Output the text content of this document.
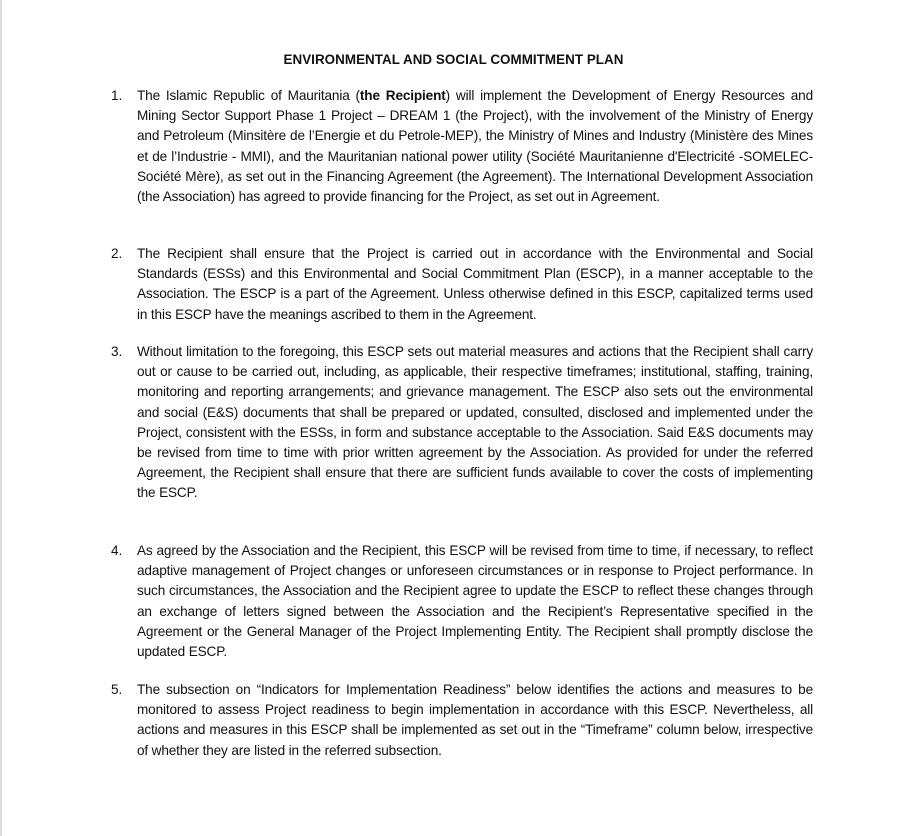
ENVIRONMENTAL AND SOCIAL COMMITMENT PLAN
1. The Islamic Republic of Mauritania (the Recipient) will implement the Development of Energy Resources and Mining Sector Support Phase 1 Project – DREAM 1 (the Project), with the involvement of the Ministry of Energy and Petroleum (Minsitère de l’Energie et du Petrole-MEP), the Ministry of Mines and Industry (Ministère des Mines et de l’Industrie - MMI), and the Mauritanian national power utility (Société Mauritanienne d'Electricité -SOMELEC-Société Mère), as set out in the Financing Agreement (the Agreement). The International Development Association (the Association) has agreed to provide financing for the Project, as set out in Agreement.
2. The Recipient shall ensure that the Project is carried out in accordance with the Environmental and Social Standards (ESSs) and this Environmental and Social Commitment Plan (ESCP), in a manner acceptable to the Association. The ESCP is a part of the Agreement. Unless otherwise defined in this ESCP, capitalized terms used in this ESCP have the meanings ascribed to them in the Agreement.
3. Without limitation to the foregoing, this ESCP sets out material measures and actions that the Recipient shall carry out or cause to be carried out, including, as applicable, their respective timeframes; institutional, staffing, training, monitoring and reporting arrangements; and grievance management. The ESCP also sets out the environmental and social (E&S) documents that shall be prepared or updated, consulted, disclosed and implemented under the Project, consistent with the ESSs, in form and substance acceptable to the Association. Said E&S documents may be revised from time to time with prior written agreement by the Association. As provided for under the referred Agreement, the Recipient shall ensure that there are sufficient funds available to cover the costs of implementing the ESCP.
4. As agreed by the Association and the Recipient, this ESCP will be revised from time to time, if necessary, to reflect adaptive management of Project changes or unforeseen circumstances or in response to Project performance. In such circumstances, the Association and the Recipient agree to update the ESCP to reflect these changes through an exchange of letters signed between the Association and the Recipient’s Representative specified in the Agreement or the General Manager of the Project Implementing Entity. The Recipient shall promptly disclose the updated ESCP.
5. The subsection on “Indicators for Implementation Readiness” below identifies the actions and measures to be monitored to assess Project readiness to begin implementation in accordance with this ESCP. Nevertheless, all actions and measures in this ESCP shall be implemented as set out in the “Timeframe” column below, irrespective of whether they are listed in the referred subsection.
